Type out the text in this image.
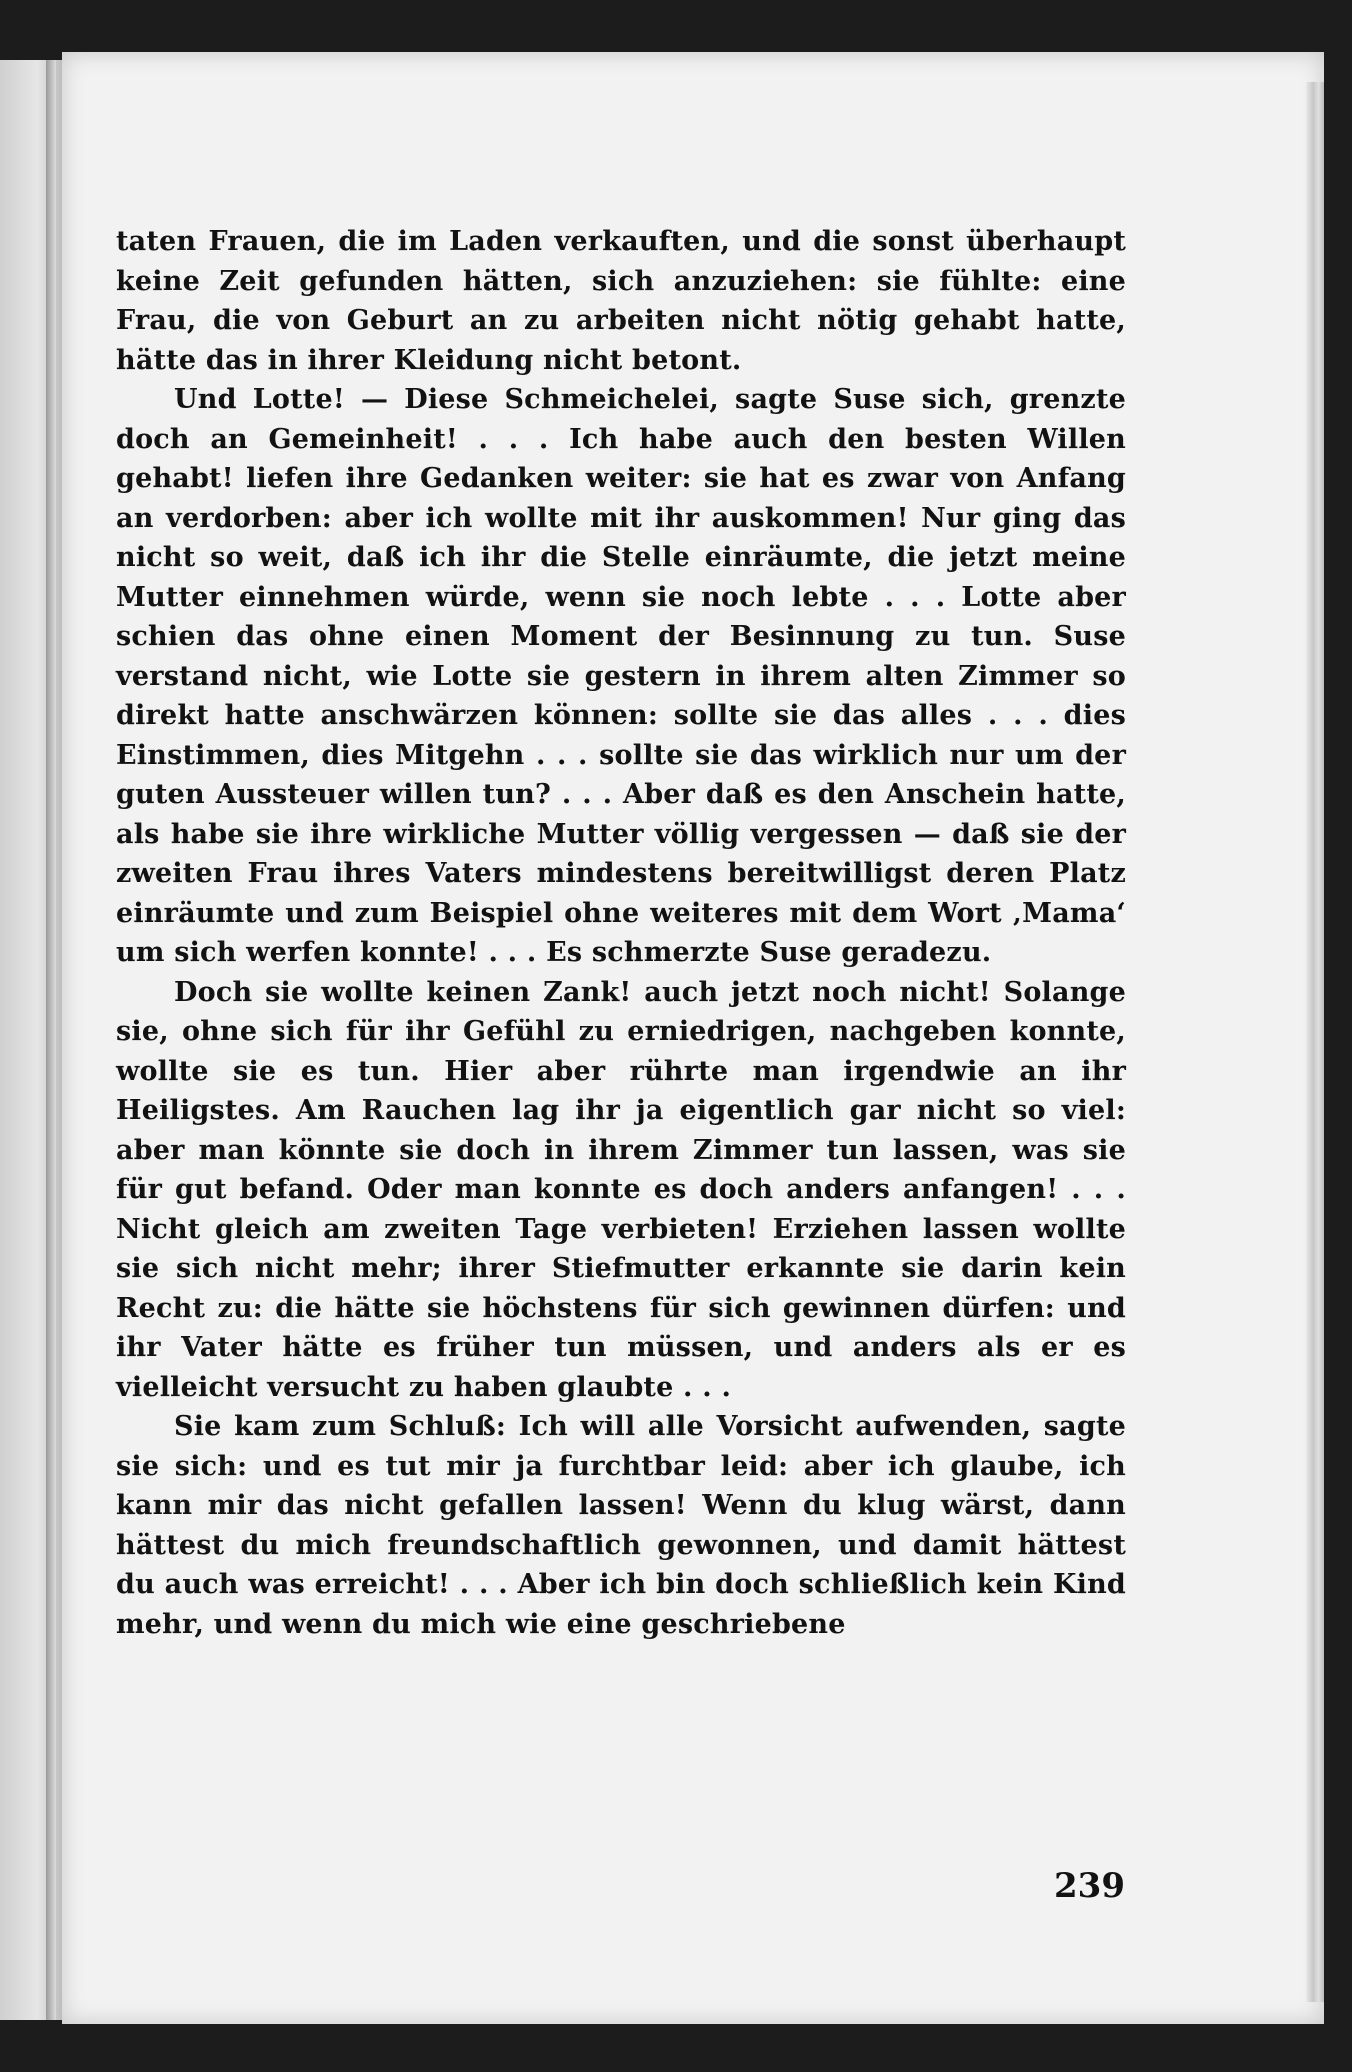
taten Frauen, die im Laden verkauften, und die sonst überhaupt keine Zeit gefunden hätten, sich anzuziehen: sie fühlte: eine Frau, die von Geburt an zu arbeiten nicht nötig gehabt hatte, hätte das in ihrer Kleidung nicht betont.

Und Lotte! — Diese Schmeichelei, sagte Suse sich, grenzte doch an Gemeinheit! . . . Ich habe auch den besten Willen gehabt! liefen ihre Gedanken weiter: sie hat es zwar von Anfang an verdorben: aber ich wollte mit ihr auskommen! Nur ging das nicht so weit, daß ich ihr die Stelle einräumte, die jetzt meine Mutter einnehmen würde, wenn sie noch lebte . . . Lotte aber schien das ohne einen Moment der Besinnung zu tun. Suse verstand nicht, wie Lotte sie gestern in ihrem alten Zimmer so direkt hatte anschwärzen können: sollte sie das alles . . . dies Einstimmen, dies Mitgehn . . . sollte sie das wirklich nur um der guten Aussteuer willen tun? . . . Aber daß es den Anschein hatte, als habe sie ihre wirkliche Mutter völlig vergessen — daß sie der zweiten Frau ihres Vaters mindestens bereitwilligst deren Platz einräumte und zum Beispiel ohne weiteres mit dem Wort ‚Mama‘ um sich werfen konnte! . . . Es schmerzte Suse geradezu.

Doch sie wollte keinen Zank! auch jetzt noch nicht! Solange sie, ohne sich für ihr Gefühl zu erniedrigen, nachgeben konnte, wollte sie es tun. Hier aber rührte man irgendwie an ihr Heiligstes. Am Rauchen lag ihr ja eigentlich gar nicht so viel: aber man könnte sie doch in ihrem Zimmer tun lassen, was sie für gut befand. Oder man konnte es doch anders anfangen! . . . Nicht gleich am zweiten Tage verbieten! Erziehen lassen wollte sie sich nicht mehr; ihrer Stiefmutter erkannte sie darin kein Recht zu: die hätte sie höchstens für sich gewinnen dürfen: und ihr Vater hätte es früher tun müssen, und anders als er es vielleicht versucht zu haben glaubte . . .

Sie kam zum Schluß: Ich will alle Vorsicht aufwenden, sagte sie sich: und es tut mir ja furchtbar leid: aber ich glaube, ich kann mir das nicht gefallen lassen! Wenn du klug wärst, dann hättest du mich freundschaftlich gewonnen, und damit hättest du auch was erreicht! . . . Aber ich bin doch schließlich kein Kind mehr, und wenn du mich wie eine geschriebene

239
